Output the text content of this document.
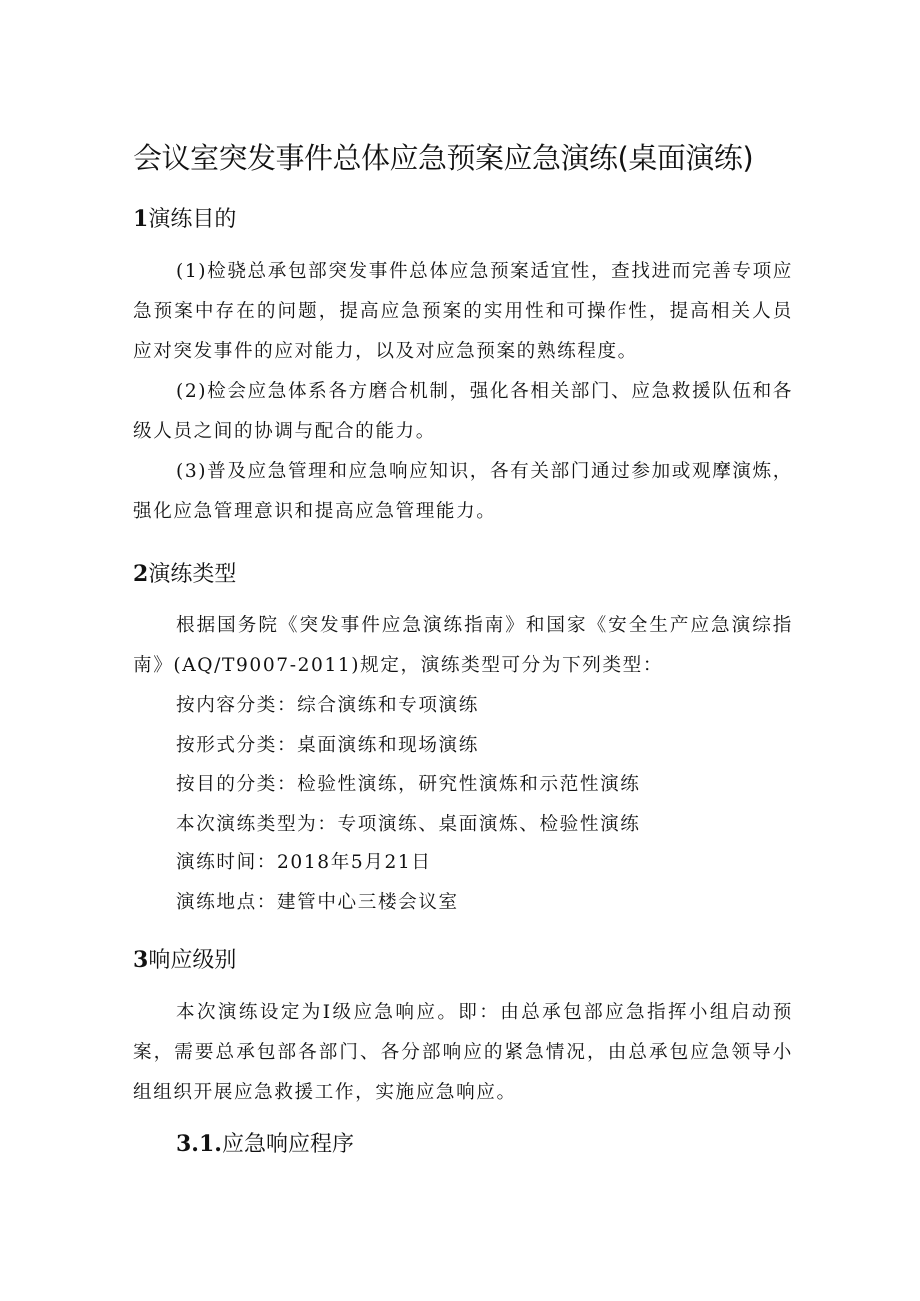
会议室突发事件总体应急预案应急演练(桌面演练)
1演练目的
(1)检骁总承包部突发事件总体应急预案适宜性，查找进而完善专项应急预案中存在的问题，提高应急预案的实用性和可操作性，提高相关人员应对突发事件的应对能力，以及对应急预案的熟练程度。
(2)检会应急体系各方磨合机制，强化各相关部门、应急救援队伍和各级人员之间的协调与配合的能力。
(3)普及应急管理和应急响应知识，各有关部门通过参加或观摩演炼，强化应急管理意识和提高应急管理能力。
2演练类型
根据国务院《突发事件应急演练指南》和国家《安全生产应急演综指南》(AQ/T9007-2011)规定，演练类型可分为下列类型：
按内容分类：综合演练和专项演练
按形式分类：桌面演练和现场演练
按目的分类：检验性演练，研究性演炼和示范性演练
本次演练类型为：专项演练、桌面演炼、检验性演练
演练时间：2018年5月21日
演练地点：建管中心三楼会议室
3响应级别
本次演练设定为Ⅰ级应急响应。即：由总承包部应急指挥小组启动预案，需要总承包部各部门、各分部响应的紧急情况，由总承包应急领导小组组织开展应急救援工作，实施应急响应。
3.1.应急响应程序
